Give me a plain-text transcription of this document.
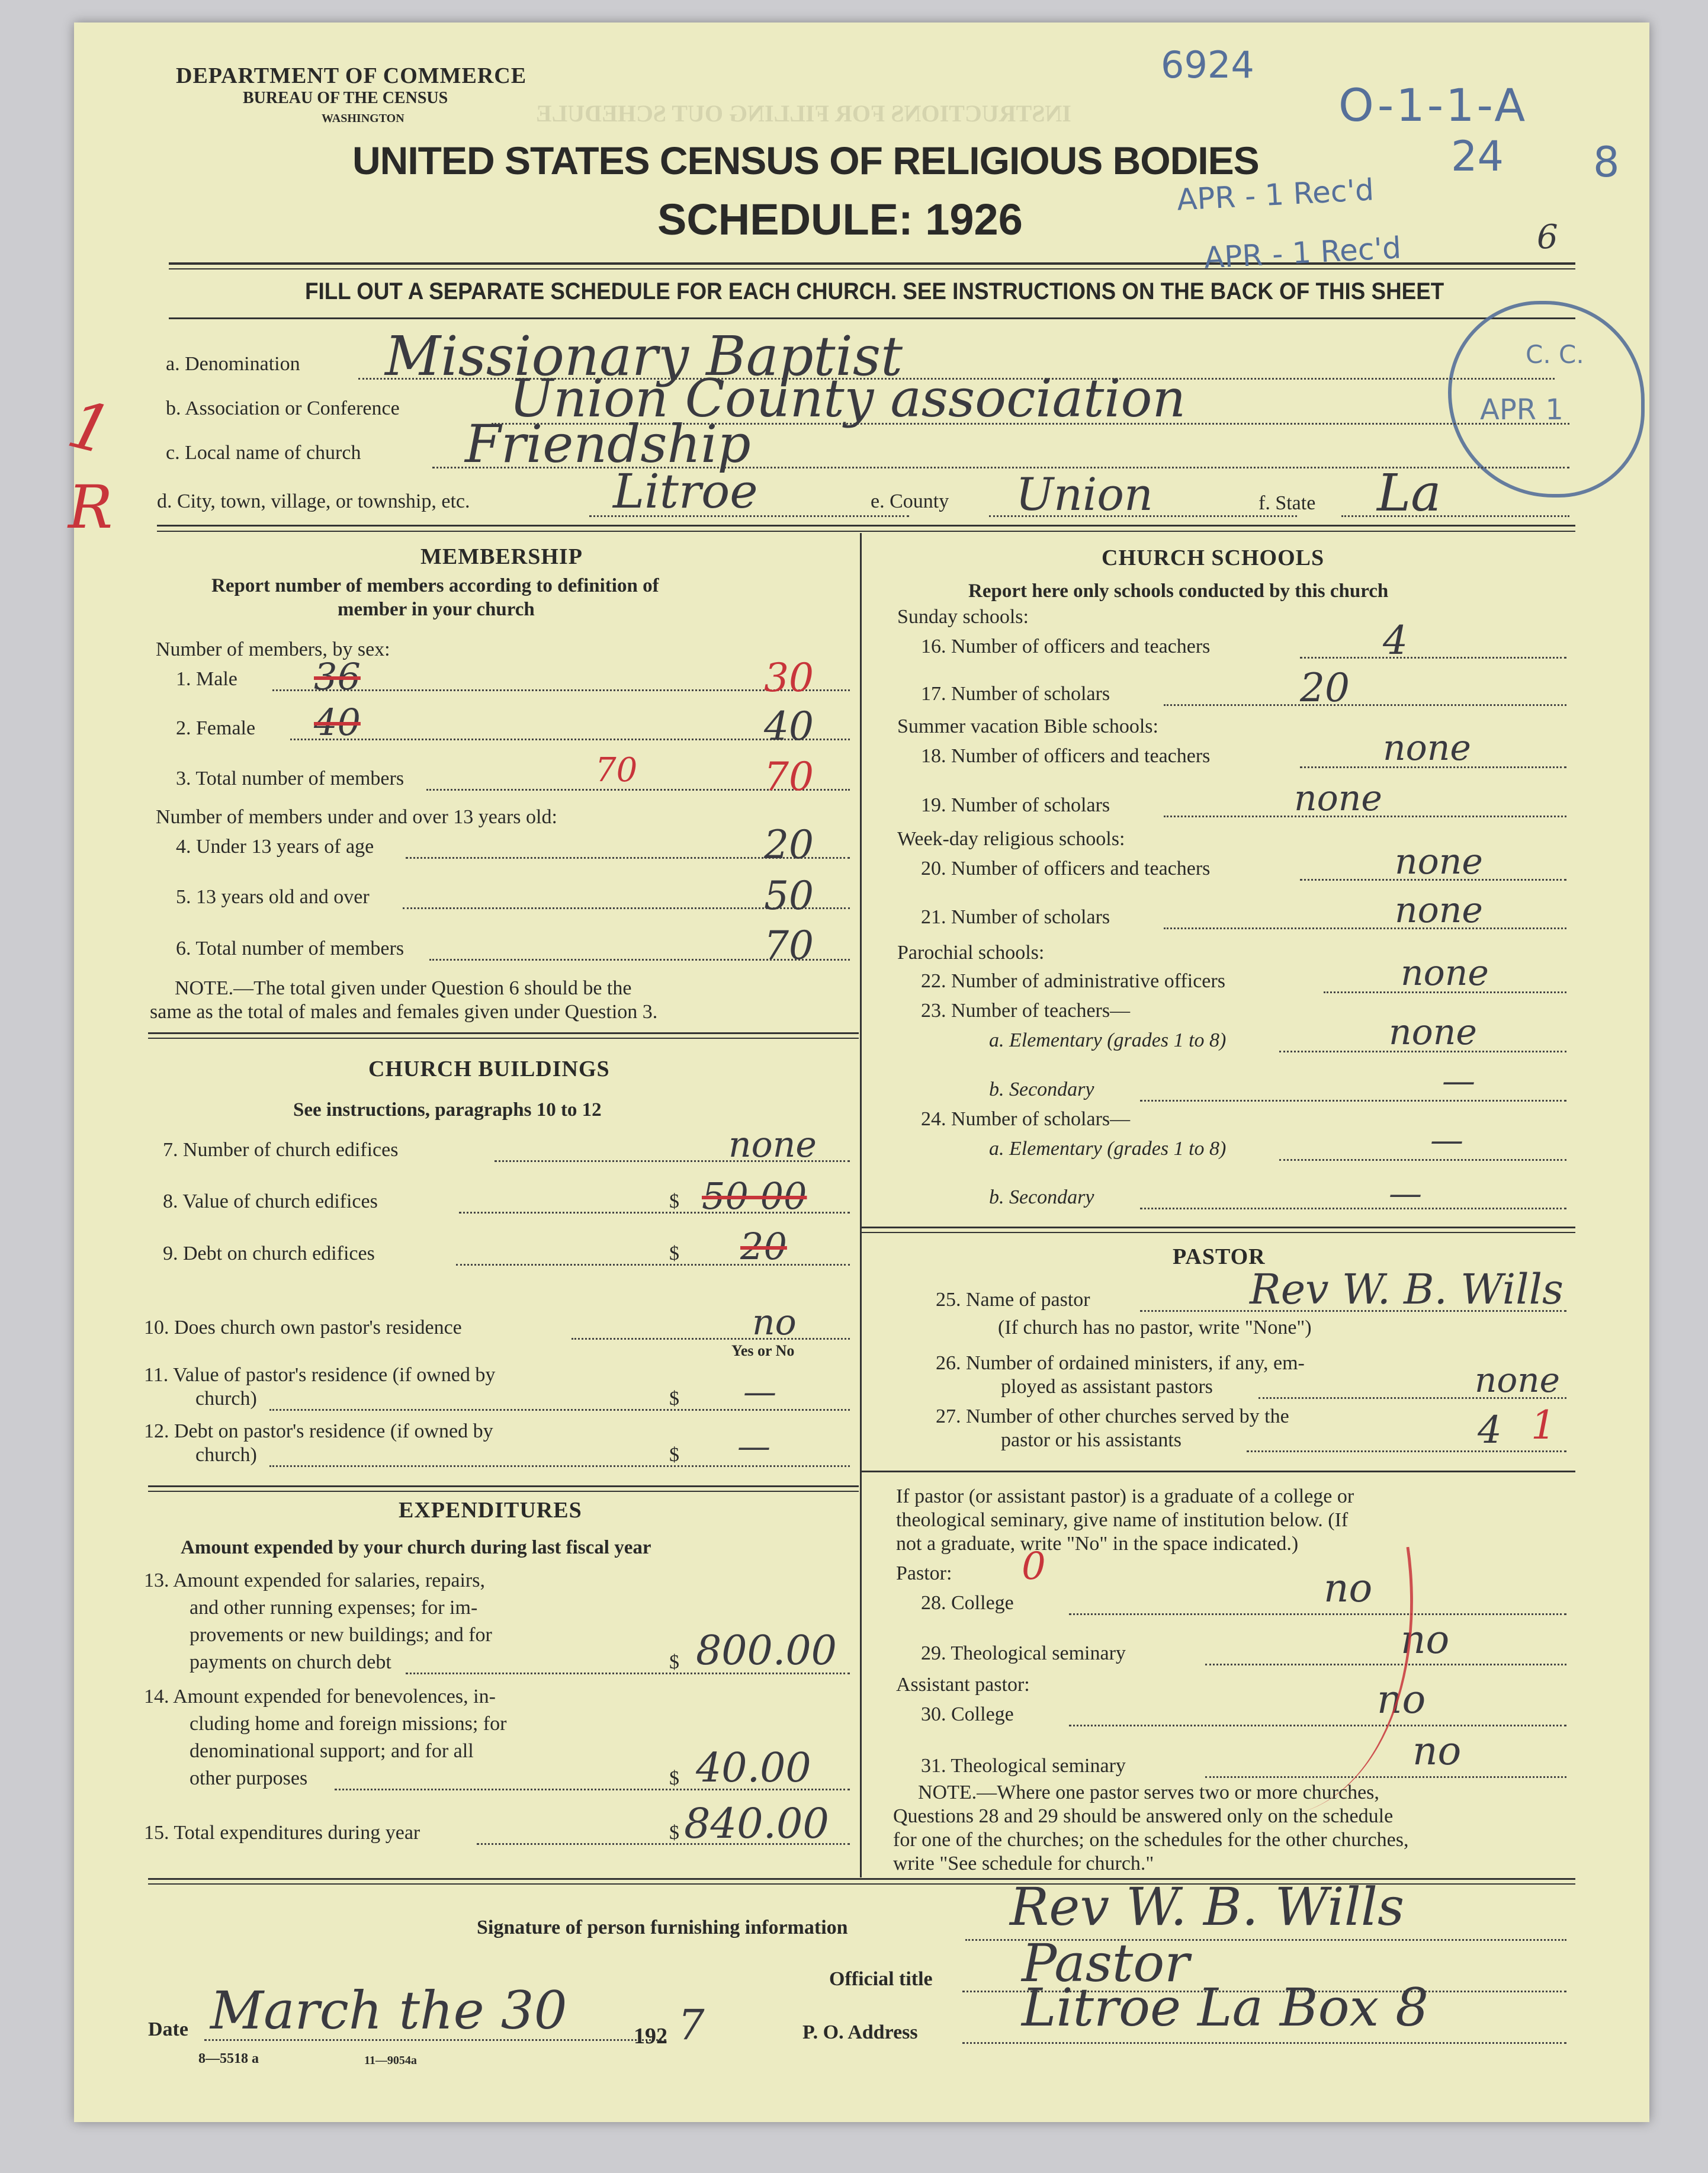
INSTRUCTIONS FOR FILLING OUT SCHEDULE
DEPARTMENT OF COMMERCE
BUREAU OF THE CENSUS
WASHINGTON
UNITED STATES CENSUS OF RELIGIOUS BODIES
SCHEDULE: 1926
FILL OUT A SEPARATE SCHEDULE FOR EACH CHURCH. SEE INSTRUCTIONS ON THE BACK OF THIS SHEET
6924
O-1-1-A
24 8
APR - 1 Rec'd
APR - 1 Rec'd	6
C. C.
APR 1
1
R
a. Denomination Missionary Baptist
b. Association or Conference Union County association
c. Local name of church Friendship
d. City, town, village, or township, etc.	Litroe	e. County Union	f. State La
MEMBERSHIP
Report number of members according to definition of
member in your church
Number of members, by sex:
1. Male 36	30
2. Female 40	40
3. Total number of members	70	70
Number of members under and over 13 years old:
4. Under 13 years of age	20
5. 13 years old and over	50
6. Total number of members	70
NOTE.—The total given under Question 6 should be the
same as the total of males and females given under Question 3.
CHURCH BUILDINGS
See instructions, paragraphs 10 to 12
7. Number of church edifices	none
8. Value of church edifices	$ 50 00
9. Debt on church edifices	$ 20
10. Does church own pastor's residence	no
Yes or No
11. Value of pastor's residence (if owned by
church)	$ —
12. Debt on pastor's residence (if owned by
church)	$ —
EXPENDITURES
Amount expended by your church during last fiscal year
13. Amount expended for salaries, repairs,
and other running expenses; for im-
provements or new buildings; and for
payments on church debt	$ 800.00
14. Amount expended for benevolences, in-
cluding home and foreign missions; for
denominational support; and for all
other purposes	$ 40.00
15. Total expenditures during year	$ 840.00
CHURCH SCHOOLS
Report here only schools conducted by this church
Sunday schools:
16. Number of officers and teachers	4
17. Number of scholars	20
Summer vacation Bible schools:
18. Number of officers and teachers	none
19. Number of scholars	none
Week-day religious schools:
20. Number of officers and teachers	none
21. Number of scholars	none
Parochial schools:
22. Number of administrative officers	none
23. Number of teachers—
a. Elementary (grades 1 to 8)	none
b. Secondary	—
24. Number of scholars—
a. Elementary (grades 1 to 8)	—
b. Secondary	—
PASTOR
25. Name of pastor	Rev W. B. Wills
(If church has no pastor, write "None")
26. Number of ordained ministers, if any, em-
ployed as assistant pastors	none
27. Number of other churches served by the
pastor or his assistants	4 1
If pastor (or assistant pastor) is a graduate of a college or
theological seminary, give name of institution below. (If
not a graduate, write "No" in the space indicated.)
Pastor: 0
28. College	no
29. Theological seminary	no
Assistant pastor:
30. College	no
31. Theological seminary	no
NOTE.—Where one pastor serves two or more churches,
Questions 28 and 29 should be answered only on the schedule
for one of the churches; on the schedules for the other churches,
write "See schedule for church."
Signature of person furnishing information	Rev W. B. Wills
Official title Pastor
Date March the 30	192 7	P. O. Address Litroe La Box 8
8—5518 a	11—9054a
